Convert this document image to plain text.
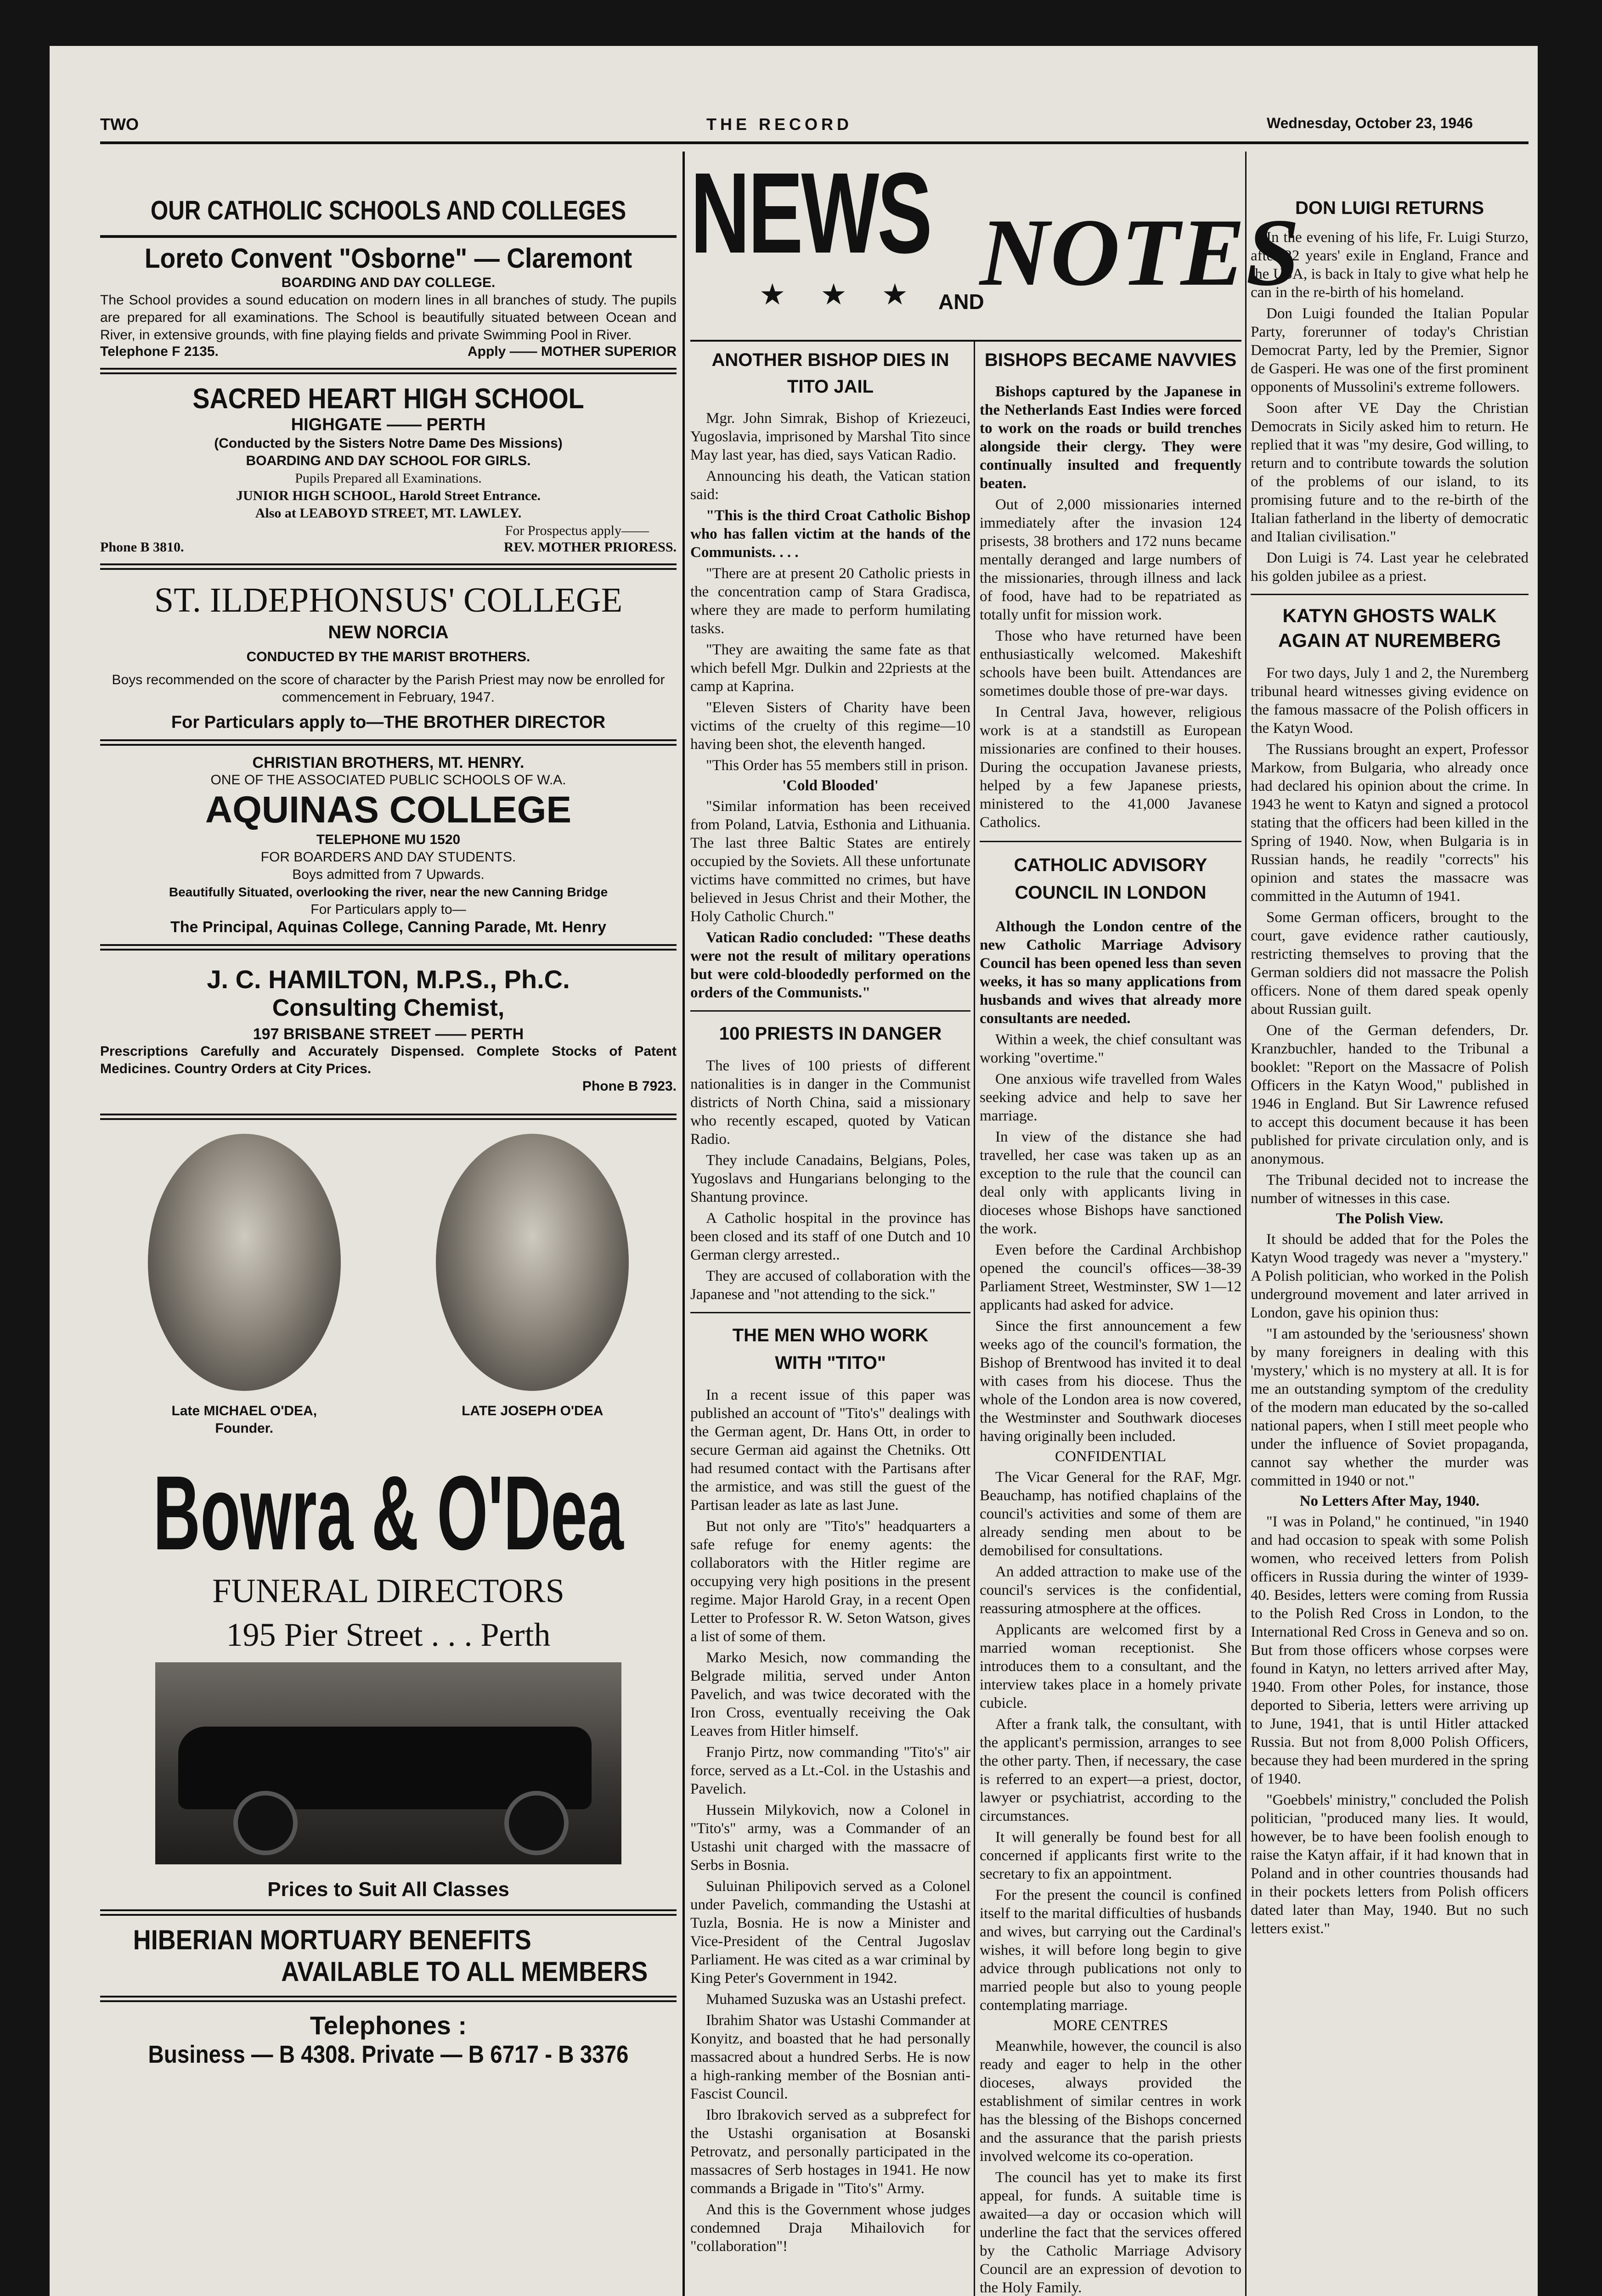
TWO	THE RECORD	Wednesday, October 23, 1946
NEWS
★ ★ ★ AND
NOTES
OUR CATHOLIC SCHOOLS AND COLLEGES
Loreto Convent "Osborne" — Claremont
BOARDING AND DAY COLLEGE.
The School provides a sound education on modern lines in all branches of study. The pupils are prepared for all examinations. The School is beautifully situated between Ocean and River, in extensive grounds, with fine playing fields and private Swimming Pool in River.
Telephone F 2135.	Apply —— MOTHER SUPERIOR
SACRED HEART HIGH SCHOOL
HIGHGATE —— PERTH
(Conducted by the Sisters Notre Dame Des Missions)
BOARDING AND DAY SCHOOL FOR GIRLS.
Pupils Prepared all Examinations.
JUNIOR HIGH SCHOOL, Harold Street Entrance.
Also at LEABOYD STREET, MT. LAWLEY.
For Prospectus apply——
Phone B 3810.	REV. MOTHER PRIORESS.
ST. ILDEPHONSUS' COLLEGE
NEW NORCIA
CONDUCTED BY THE MARIST BROTHERS.
Boys recommended on the score of character by the Parish Priest may now be enrolled for commencement in February, 1947.
For Particulars apply to—THE BROTHER DIRECTOR
CHRISTIAN BROTHERS, MT. HENRY.
ONE OF THE ASSOCIATED PUBLIC SCHOOLS OF W.A.
AQUINAS COLLEGE
TELEPHONE MU 1520
FOR BOARDERS AND DAY STUDENTS.
Boys admitted from 7 Upwards.
Beautifully Situated, overlooking the river, near the new Canning Bridge
For Particulars apply to—
The Principal, Aquinas College, Canning Parade, Mt. Henry
J. C. HAMILTON, M.P.S., Ph.C.
Consulting Chemist,
197 BRISBANE STREET —— PERTH
Prescriptions Carefully and Accurately Dispensed. Complete Stocks of Patent Medicines. Country Orders at City Prices.
Phone B 7923.
Late MICHAEL O'DEA,
Founder.
LATE JOSEPH O'DEA
Bowra & O'Dea
FUNERAL DIRECTORS
195 Pier Street . . . Perth
Prices to Suit All Classes
HIBERIAN MORTUARY BENEFITS
AVAILABLE TO ALL MEMBERS
Telephones :
Business — B 4308. Private — B 6717 - B 3376
ANOTHER BISHOP DIES IN TITO JAIL

Mgr. John Simrak, Bishop of Kriezeuci, Yugoslavia, imprisoned by Marshal Tito since May last year, has died, says Vatican Radio.

Announcing his death, the Vatican station said:

"This is the third Croat Catholic Bishop who has fallen victim at the hands of the Communists. . . .

"There are at present 20 Catholic priests in the concentration camp of Stara Gradisca, where they are made to perform humilating tasks.

"They are awaiting the same fate as that which befell Mgr. Dulkin and 22priests at the camp at Kaprina.

"Eleven Sisters of Charity have been victims of the cruelty of this regime—10 having been shot, the eleventh hanged.

"This Order has 55 members still in prison.

'Cold Blooded'

"Similar information has been received from Poland, Latvia, Esthonia and Lithuania. The last three Baltic States are entirely occupied by the Soviets. All these unfortunate victims have committed no crimes, but have believed in Jesus Christ and their Mother, the Holy Catholic Church."

Vatican Radio concluded: "These deaths were not the result of military operations but were cold-bloodedly performed on the orders of the Communists."

100 PRIESTS IN DANGER

The lives of 100 priests of different nationalities is in danger in the Communist districts of North China, said a missionary who recently escaped, quoted by Vatican Radio.

They include Canadains, Belgians, Poles, Yugoslavs and Hungarians belonging to the Shantung province.

A Catholic hospital in the province has been closed and its staff of one Dutch and 10 German clergy arrested..

They are accused of collaboration with the Japanese and "not attending to the sick."

THE MEN WHO WORK WITH "TITO"

In a recent issue of this paper was published an account of "Tito's" dealings with the German agent, Dr. Hans Ott, in order to secure German aid against the Chetniks. Ott had resumed contact with the Partisans after the armistice, and was still the guest of the Partisan leader as late as last June.

But not only are "Tito's" headquarters a safe refuge for enemy agents: the collaborators with the Hitler regime are occupying very high positions in the present regime. Major Harold Gray, in a recent Open Letter to Professor R. W. Seton Watson, gives a list of some of them.

Marko Mesich, now commanding the Belgrade militia, served under Anton Pavelich, and was twice decorated with the Iron Cross, eventually receiving the Oak Leaves from Hitler himself.

Franjo Pirtz, now commanding "Tito's" air force, served as a Lt.-Col. in the Ustashis and Pavelich.

Hussein Milykovich, now a Colonel in "Tito's" army, was a Commander of an Ustashi unit charged with the massacre of Serbs in Bosnia.

Suluinan Philipovich served as a Colonel under Pavelich, commanding the Ustashi at Tuzla, Bosnia. He is now a Minister and Vice-President of the Central Jugoslav Parliament. He was cited as a war criminal by King Peter's Government in 1942.

Muhamed Suzuska was an Ustashi prefect.

Ibrahim Shator was Ustashi Commander at Konyitz, and boasted that he had personally massacred about a hundred Serbs. He is now a high-ranking member of the Bosnian anti-Fascist Council.

Ibro Ibrakovich served as a subprefect for the Ustashi organisation at Bosanski Petrovatz, and personally participated in the massacres of Serb hostages in 1941. He now commands a Brigade in "Tito's" Army.

And this is the Government whose judges condemned Draja Mihailovich for "collaboration"!

BISHOPS BECAME NAVVIES

Bishops captured by the Japanese in the Netherlands East Indies were forced to work on the roads or build trenches alongside their clergy. They were continually insulted and frequently beaten.

Out of 2,000 missionaries interned immediately after the invasion 124 prisests, 38 brothers and 172 nuns became mentally deranged and large numbers of the missionaries, through illness and lack of food, have had to be repatriated as totally unfit for mission work.

Those who have returned have been enthusiastically welcomed. Makeshift schools have been built. Attendances are sometimes double those of pre-war days.

In Central Java, however, religious work is at a standstill as European missionaries are confined to their houses. During the occupation Javanese priests, helped by a few Japanese priests, ministered to the 41,000 Javanese Catholics.

CATHOLIC ADVISORY COUNCIL IN LONDON

Although the London centre of the new Catholic Marriage Advisory Council has been opened less than seven weeks, it has so many applications from husbands and wives that already more consultants are needed.

Within a week, the chief consultant was working "overtime."

One anxious wife travelled from Wales seeking advice and help to save her marriage.

In view of the distance she had travelled, her case was taken up as an exception to the rule that the council can deal only with applicants living in dioceses whose Bishops have sanctioned the work.

Even before the Cardinal Archbishop opened the council's offices—38-39 Parliament Street, Westminster, SW 1—12 applicants had asked for advice.

Since the first announcement a few weeks ago of the council's formation, the Bishop of Brentwood has invited it to deal with cases from his diocese. Thus the whole of the London area is now covered, the Westminster and Southwark dioceses having originally been included.

CONFIDENTIAL

The Vicar General for the RAF, Mgr. Beauchamp, has notified chaplains of the council's activities and some of them are already sending men about to be demobilised for consultations.

An added attraction to make use of the council's services is the confidential, reassuring atmosphere at the offices.

Applicants are welcomed first by a married woman receptionist. She introduces them to a consultant, and the interview takes place in a homely private cubicle.

After a frank talk, the consultant, with the applicant's permission, arranges to see the other party. Then, if necessary, the case is referred to an expert—a priest, doctor, lawyer or psychiatrist, according to the circumstances.

It will generally be found best for all concerned if applicants first write to the secretary to fix an appointment.

For the present the council is confined itself to the marital difficulties of husbands and wives, but carrying out the Cardinal's wishes, it will before long begin to give advice through publications not only to married people but also to young people contemplating marriage.

MORE CENTRES

Meanwhile, however, the council is also ready and eager to help in the other dioceses, always provided the establishment of similar centres in work has the blessing of the Bishops concerned and the assurance that the parish priests involved welcome its co-operation.

The council has yet to make its first appeal, for funds. A suitable time is awaited—a day or occasion which will underline the fact that the services offered by the Catholic Marriage Advisory Council are an expression of devotion to the Holy Family.

DON LUIGI RETURNS

In the evening of his life, Fr. Luigi Sturzo, after 22 years' exile in England, France and the USA, is back in Italy to give what help he can in the re-birth of his homeland.

Don Luigi founded the Italian Popular Party, forerunner of today's Christian Democrat Party, led by the Premier, Signor de Gasperi. He was one of the first prominent opponents of Mussolini's extreme followers.

Soon after VE Day the Christian Democrats in Sicily asked him to return. He replied that it was "my desire, God willing, to return and to contribute towards the solution of the problems of our island, to its promising future and to the re-birth of the Italian fatherland in the liberty of democratic and Italian civilisation."

Don Luigi is 74. Last year he celebrated his golden jubilee as a priest.

KATYN GHOSTS WALK
AGAIN AT NUREMBERG

For two days, July 1 and 2, the Nuremberg tribunal heard witnesses giving evidence on the famous massacre of the Polish officers in the Katyn Wood.

The Russians brought an expert, Professor Markow, from Bulgaria, who already once had declared his opinion about the crime. In 1943 he went to Katyn and signed a protocol stating that the officers had been killed in the Spring of 1940. Now, when Bulgaria is in Russian hands, he readily "corrects" his opinion and states the massacre was committed in the Autumn of 1941.

Some German officers, brought to the court, gave evidence rather cautiously, restricting themselves to proving that the German soldiers did not massacre the Polish officers. None of them dared speak openly about Russian guilt.

One of the German defenders, Dr. Kranzbuchler, handed to the Tribunal a booklet: "Report on the Massacre of Polish Officers in the Katyn Wood," published in 1946 in England. But Sir Lawrence refused to accept this document because it has been published for private circulation only, and is anonymous.

The Tribunal decided not to increase the number of witnesses in this case.

The Polish View.

It should be added that for the Poles the Katyn Wood tragedy was never a "mystery." A Polish politician, who worked in the Polish underground movement and later arrived in London, gave his opinion thus:

"I am astounded by the 'seriousness' shown by many foreigners in dealing with this 'mystery,' which is no mystery at all. It is for me an outstanding symptom of the credulity of the modern man educated by the so-called national papers, when I still meet people who under the influence of Soviet propaganda, cannot say whether the murder was committed in 1940 or not."

No Letters After May, 1940.

"I was in Poland," he continued, "in 1940 and had occasion to speak with some Polish women, who received letters from Polish officers in Russia during the winter of 1939-40. Besides, letters were coming from Russia to the Polish Red Cross in London, to the International Red Cross in Geneva and so on. But from those officers whose corpses were found in Katyn, no letters arrived after May, 1940. From other Poles, for instance, those deported to Siberia, letters were arriving up to June, 1941, that is until Hitler attacked Russia. But not from 8,000 Polish Officers, because they had been murdered in the spring of 1940.

"Goebbels' ministry," concluded the Polish politician, "produced many lies. It would, however, be to have been foolish enough to raise the Katyn affair, if it had known that in Poland and in other countries thousands had in their pockets letters from Polish officers dated later than May, 1940. But no such letters exist."
